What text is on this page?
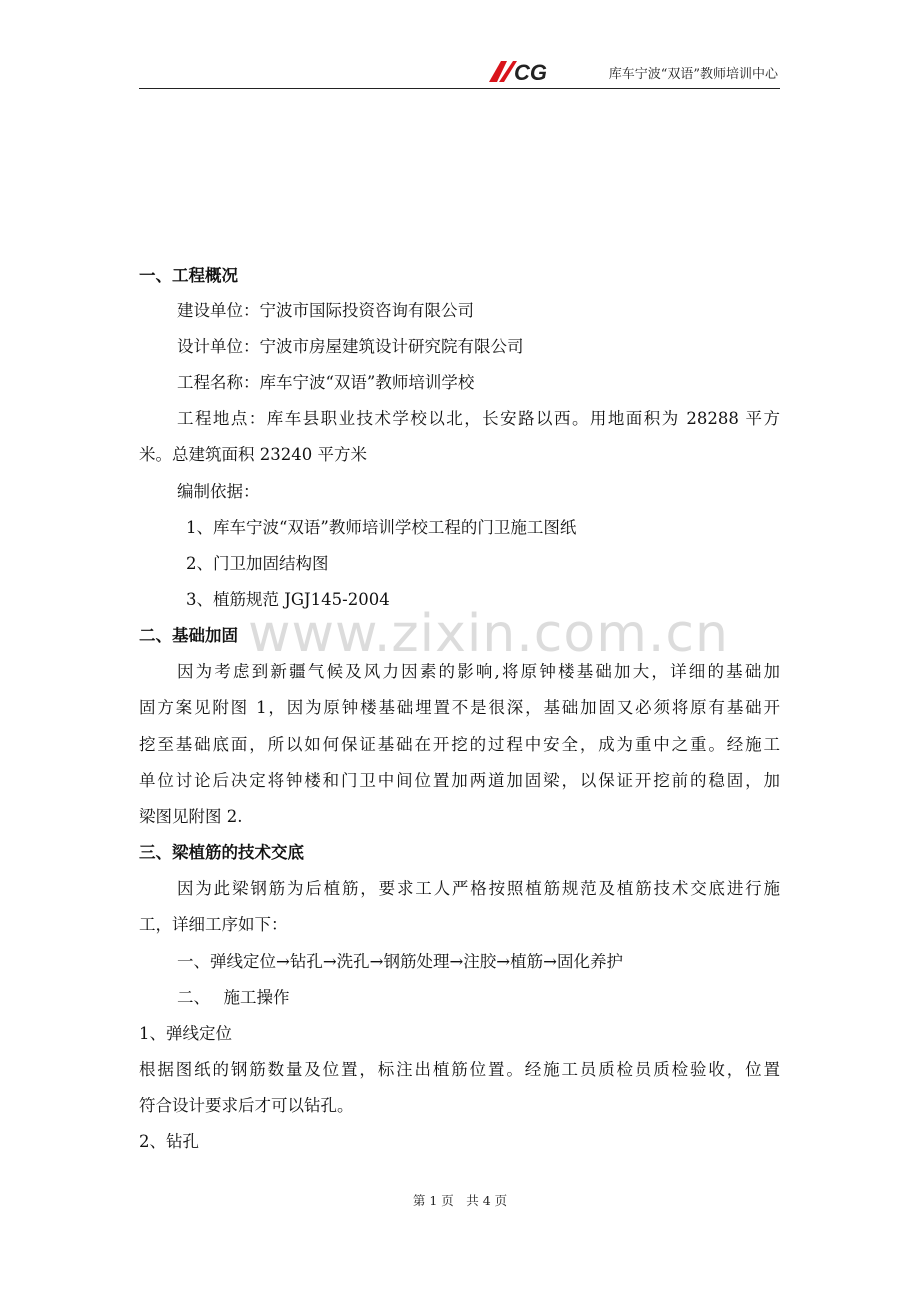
CG	库车宁波“双语”教师培训中心
www.zixin.com.cn
一、工程概况
建设单位：宁波市国际投资咨询有限公司
设计单位：宁波市房屋建筑设计研究院有限公司
工程名称：库车宁波“双语”教师培训学校
工程地点：库车县职业技术学校以北，长安路以西。用地面积为 28288 平方
米。总建筑面积 23240 平方米
编制依据：
1、库车宁波“双语”教师培训学校工程的门卫施工图纸
2、门卫加固结构图
3、植筋规范 JGJ145-2004
二、基础加固
因为考虑到新疆气候及风力因素的影响,将原钟楼基础加大，详细的基础加
固方案见附图 1，因为原钟楼基础埋置不是很深，基础加固又必须将原有基础开
挖至基础底面，所以如何保证基础在开挖的过程中安全，成为重中之重。经施工
单位讨论后决定将钟楼和门卫中间位置加两道加固梁，以保证开挖前的稳固，加
梁图见附图 2.
三、梁植筋的技术交底
因为此梁钢筋为后植筋，要求工人严格按照植筋规范及植筋技术交底进行施
工，详细工序如下：
一、弹线定位→钻孔→洗孔→钢筋处理→注胶→植筋→固化养护
二、　 施工操作
1、弹线定位
根据图纸的钢筋数量及位置，标注出植筋位置。经施工员质检员质检验收，位置
符合设计要求后才可以钻孔。
2、钻孔
第 1 页　共 4 页
